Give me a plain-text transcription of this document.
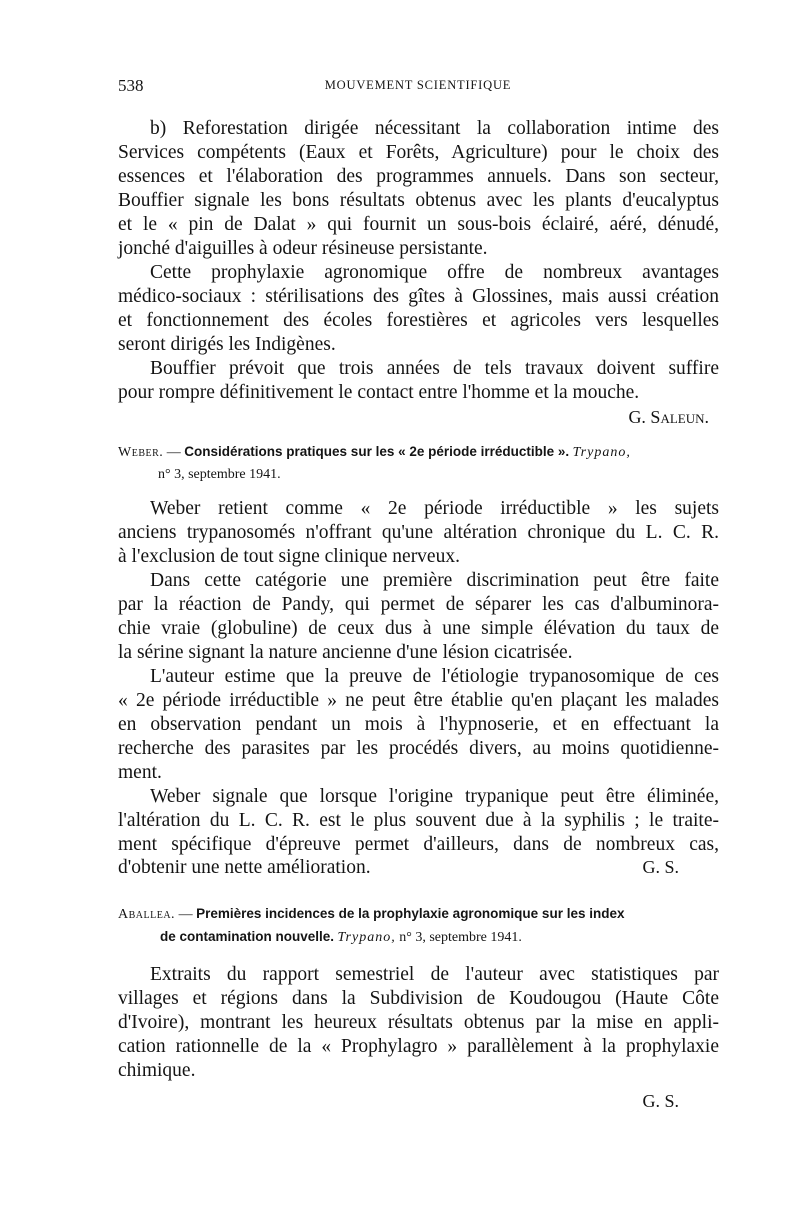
538	MOUVEMENT SCIENTIFIQUE
b) Reforestation dirigée nécessitant la collaboration intime des
Services compétents (Eaux et Forêts, Agriculture) pour le choix des
essences et l'élaboration des programmes annuels. Dans son secteur,
Bouffier signale les bons résultats obtenus avec les plants d'eucalyptus
et le « pin de Dalat » qui fournit un sous-bois éclairé, aéré, dénudé,
jonché d'aiguilles à odeur résineuse persistante.
Cette prophylaxie agronomique offre de nombreux avantages
médico-sociaux : stérilisations des gîtes à Glossines, mais aussi création
et fonctionnement des écoles forestières et agricoles vers lesquelles
seront dirigés les Indigènes.
Bouffier prévoit que trois années de tels travaux doivent suffire
pour rompre définitivement le contact entre l'homme et la mouche.
G. Saleun.
Weber. — Considérations pratiques sur les « 2e période irréductible ». Trypano,
n° 3, septembre 1941.
Weber retient comme « 2e période irréductible » les sujets
anciens trypanosomés n'offrant qu'une altération chronique du L. C. R.
à l'exclusion de tout signe clinique nerveux.
Dans cette catégorie une première discrimination peut être faite
par la réaction de Pandy, qui permet de séparer les cas d'albuminora-
chie vraie (globuline) de ceux dus à une simple élévation du taux de
la sérine signant la nature ancienne d'une lésion cicatrisée.
L'auteur estime que la preuve de l'étiologie trypanosomique de ces
« 2e période irréductible » ne peut être établie qu'en plaçant les malades
en observation pendant un mois à l'hypnoserie, et en effectuant la
recherche des parasites par les procédés divers, au moins quotidienne-
ment.
Weber signale que lorsque l'origine trypanique peut être éliminée,
l'altération du L. C. R. est le plus souvent due à la syphilis ; le traite-
ment spécifique d'épreuve permet d'ailleurs, dans de nombreux cas,
d'obtenir une nette amélioration.	G. S.
Aballea. — Premières incidences de la prophylaxie agronomique sur les index
de contamination nouvelle. Trypano, n° 3, septembre 1941.
Extraits du rapport semestriel de l'auteur avec statistiques par
villages et régions dans la Subdivision de Koudougou (Haute Côte
d'Ivoire), montrant les heureux résultats obtenus par la mise en appli-
cation rationnelle de la « Prophylagro » parallèlement à la prophylaxie
chimique.
G. S.
